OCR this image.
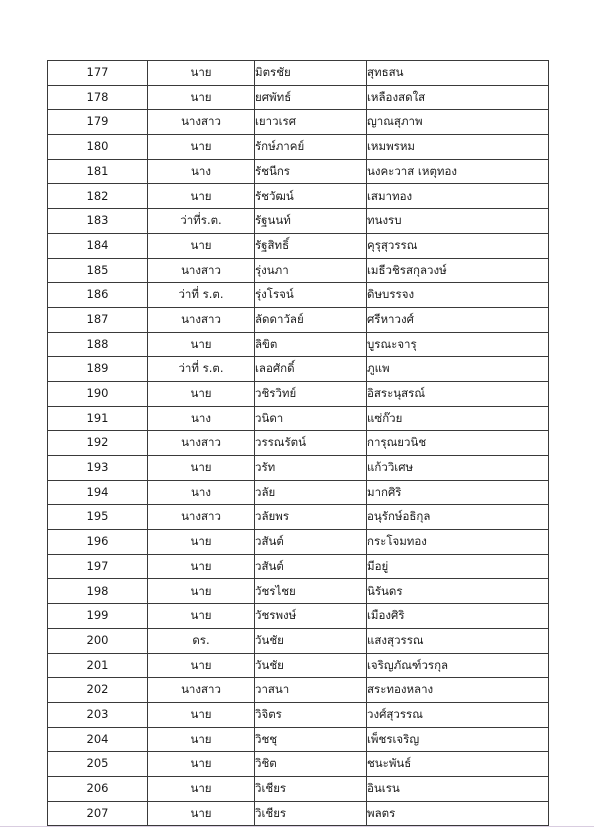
177	นาย	มิตรชัย	สุทธสน
178	นาย	ยศพัทธ์	เหลืองสดใส
179	นางสาว	เยาวเรศ	ญาณสุภาพ
180	นาย	รักษ์ภาคย์	เหมพรหม
181	นาง	รัชนีกร	นงคะวาส เหตุทอง
182	นาย	รัชวัฒน์	เสมาทอง
183	ว่าที่ร.ต.	รัฐนนท์	ทนงรบ
184	นาย	รัฐสิทธิ์	คุรุสุวรรณ
185	นางสาว	รุ่งนภา	เมธีวชิรสกุลวงษ์
186	ว่าที่ ร.ต.	รุ่งโรจน์	ดิษบรรจง
187	นางสาว	ลัดดาวัลย์	ศรีหาวงศ์
188	นาย	ลิขิต	บูรณะจารุ
189	ว่าที่ ร.ต.	เลอศักดิ์	ภูแพ
190	นาย	วชิรวิทย์	อิสระนุสรณ์
191	นาง	วนิดา	แซ่ก๊วย
192	นางสาว	วรรณรัตน์	การุณยวนิช
193	นาย	วรัท	แก้ววิเศษ
194	นาง	วลัย	มากศิริ
195	นางสาว	วลัยพร	อนุรักษ์อธิกุล
196	นาย	วสันต์	กระโจมทอง
197	นาย	วสันต์	มีอยู่
198	นาย	วัชรไชย	นิรันดร
199	นาย	วัชรพงษ์	เมืองศิริ
200	ดร.	วันชัย	แสงสุวรรณ
201	นาย	วันชัย	เจริญภัณฑ์วรกุล
202	นางสาว	วาสนา	สระทองหลาง
203	นาย	วิจิตร	วงศ์สุวรรณ
204	นาย	วิชชุ	เพ็ชรเจริญ
205	นาย	วิชิต	ชนะพันธ์
206	นาย	วิเชียร	อินเรน
207	นาย	วิเชียร	พลตร
